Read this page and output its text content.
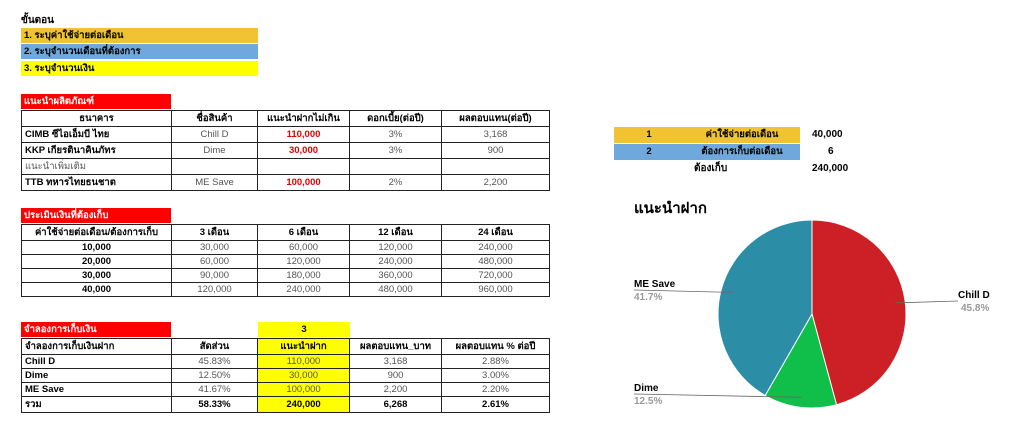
ขั้นตอน
1. ระบุค่าใช้จ่ายต่อเดือน
2. ระบุจำนวนเดือนที่ต้องการ
3. ระบุจำนวนเงิน
แนะนำผลิตภัณฑ์
ธนาคาร	ชื่อสินค้า	แนะนำฝากไม่เกิน	ดอกเบี้ย(ต่อปี)	ผลตอบแทน(ต่อปี)
CIMB ซีไอเอ็มบี ไทย	Chill D	110,000	3%	3,168
KKP เกียรตินาคินภัทร	Dime	30,000	3%	900
แนะนำเพิ่มเติม				
TTB ทหารไทยธนชาต	ME Save	100,000	2%	2,200
ประเมินเงินที่ต้องเก็บ
ค่าใช้จ่ายต่อเดือน/ต้องการเก็บ	3 เดือน	6 เดือน	12 เดือน	24 เดือน
10,000	30,000	60,000	120,000	240,000
20,000	60,000	120,000	240,000	480,000
30,000	90,000	180,000	360,000	720,000
40,000	120,000	240,000	480,000	960,000
จำลองการเก็บเงิน	3
จำลองการเก็บเงินฝาก	สัดส่วน	แนะนำฝาก	ผลตอบแทน_บาท	ผลตอบแทน % ต่อปี
Chill D	45.83%	110,000	3,168	2.88%
Dime	12.50%	30,000	900	3.00%
ME Save	41.67%	100,000	2,200	2.20%
รวม	58.33%	240,000	6,268	2.61%
1	ค่าใช้จ่ายต่อเดือน	40,000
2	ต้องการเก็บต่อเดือน	6
ต้องเก็บ	240,000
แนะนำฝาก
Chill D
45.8%
ME Save
41.7%
Dime
12.5%
